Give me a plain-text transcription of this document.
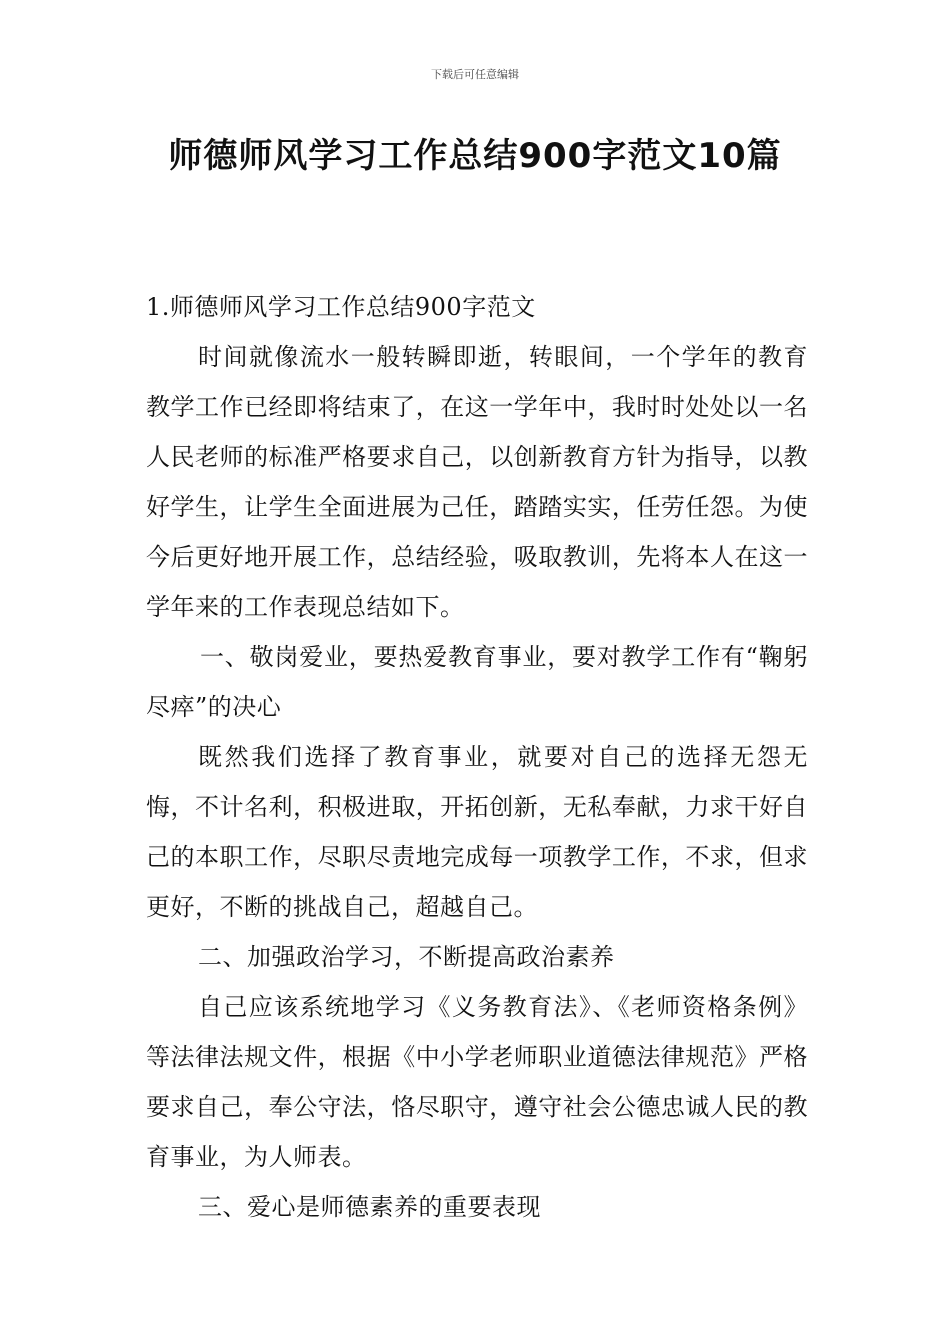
下载后可任意编辑
师德师风学习工作总结900字范文10篇

1.师德师风学习工作总结900字范文

时间就像流水一般转瞬即逝，转眼间，一个学年的教育教学工作已经即将结束了，在这一学年中，我时时处处以一名人民老师的标准严格要求自己，以创新教育方针为指导，以教好学生，让学生全面进展为己任，踏踏实实，任劳任怨。为使今后更好地开展工作，总结经验，吸取教训，先将本人在这一学年来的工作表现总结如下。

一、敬岗爱业，要热爱教育事业，要对教学工作有“鞠躬尽瘁”的决心

既然我们选择了教育事业，就要对自己的选择无怨无悔，不计名利，积极进取，开拓创新，无私奉献，力求干好自己的本职工作，尽职尽责地完成每一项教学工作，不求，但求更好，不断的挑战自己，超越自己。

二、加强政治学习，不断提高政治素养

自己应该系统地学习《义务教育法》、《老师资格条例》等法律法规文件，根据《中小学老师职业道德法律规范》严格要求自己，奉公守法，恪尽职守，遵守社会公德忠诚人民的教育事业，为人师表。

三、爱心是师德素养的重要表现
